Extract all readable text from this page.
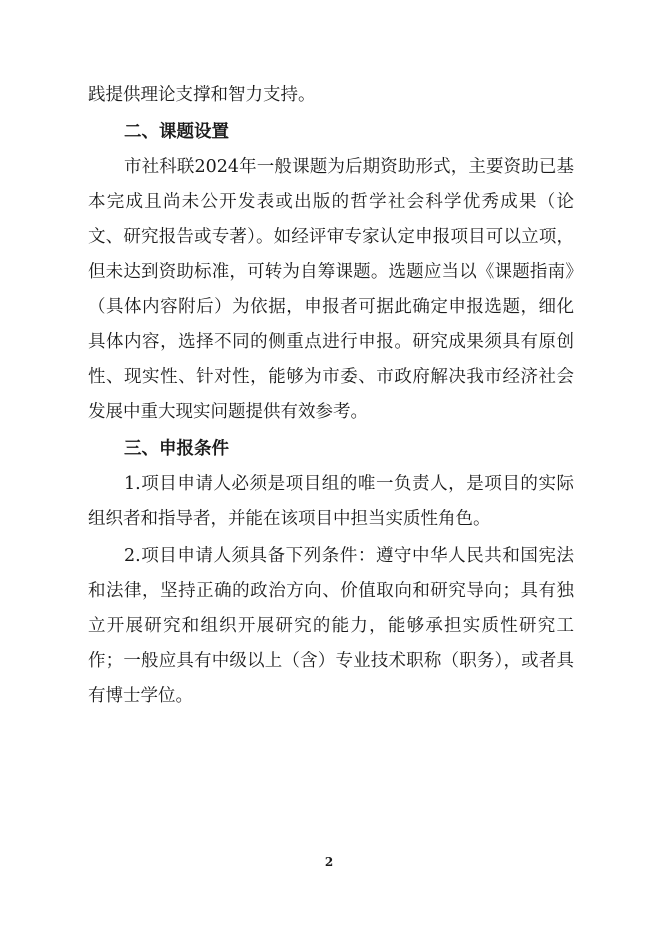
践提供理论支撑和智力支持。

二、课题设置

市社科联2024年一般课题为后期资助形式，主要资助已基本完成且尚未公开发表或出版的哲学社会科学优秀成果（论文、研究报告或专著）。如经评审专家认定申报项目可以立项，但未达到资助标准，可转为自筹课题。选题应当以《课题指南》（具体内容附后）为依据，申报者可据此确定申报选题，细化具体内容，选择不同的侧重点进行申报。研究成果须具有原创性、现实性、针对性，能够为市委、市政府解决我市经济社会发展中重大现实问题提供有效参考。

三、申报条件

1.项目申请人必须是项目组的唯一负责人，是项目的实际组织者和指导者，并能在该项目中担当实质性角色。

2.项目申请人须具备下列条件：遵守中华人民共和国宪法和法律，坚持正确的政治方向、价值取向和研究导向；具有独立开展研究和组织开展研究的能力，能够承担实质性研究工作；一般应具有中级以上（含）专业技术职称（职务），或者具有博士学位。

2
